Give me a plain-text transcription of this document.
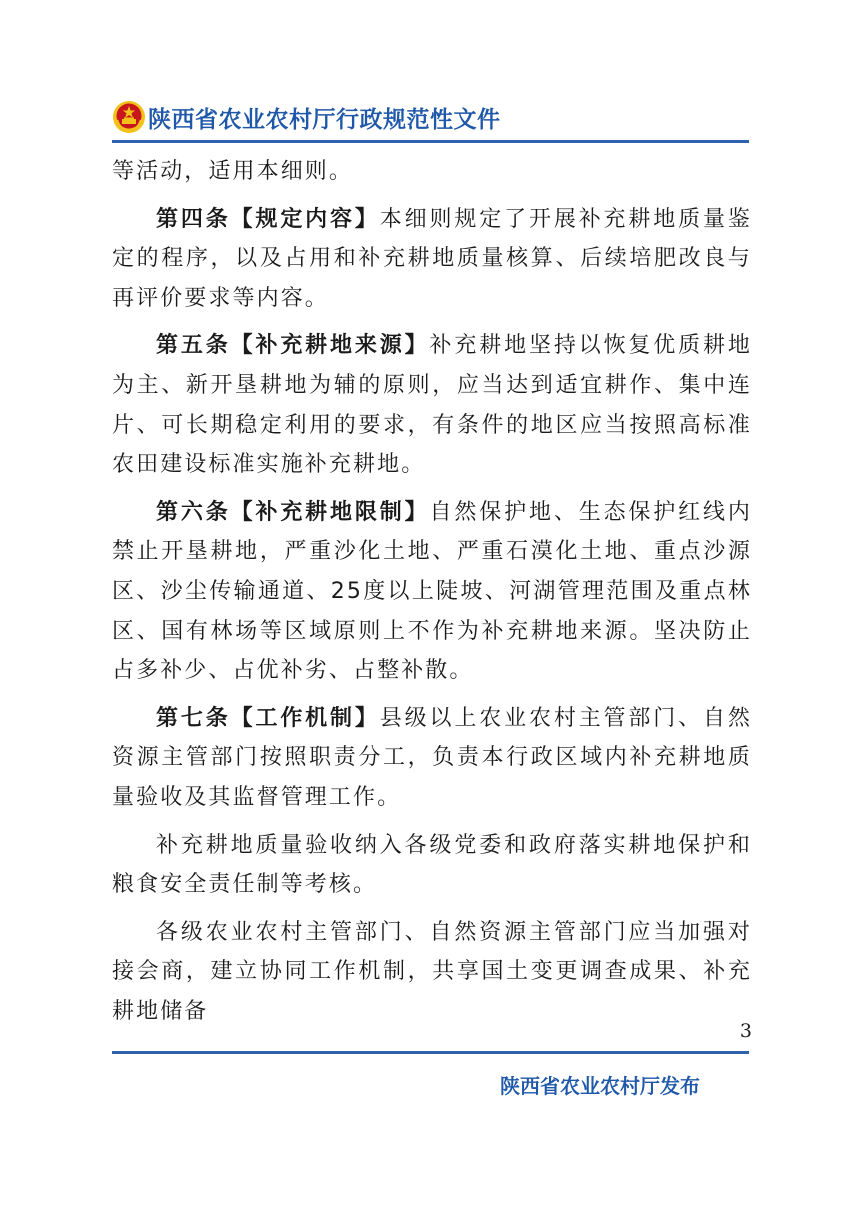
陕西省农业农村厅行政规范性文件

等活动，适用本细则。

第四条【规定内容】本细则规定了开展补充耕地质量鉴定的程序，以及占用和补充耕地质量核算、后续培肥改良与再评价要求等内容。

第五条【补充耕地来源】补充耕地坚持以恢复优质耕地为主、新开垦耕地为辅的原则，应当达到适宜耕作、集中连片、可长期稳定利用的要求，有条件的地区应当按照高标准农田建设标准实施补充耕地。

第六条【补充耕地限制】自然保护地、生态保护红线内禁止开垦耕地，严重沙化土地、严重石漠化土地、重点沙源区、沙尘传输通道、25度以上陡坡、河湖管理范围及重点林区、国有林场等区域原则上不作为补充耕地来源。坚决防止占多补少、占优补劣、占整补散。

第七条【工作机制】县级以上农业农村主管部门、自然资源主管部门按照职责分工，负责本行政区域内补充耕地质量验收及其监督管理工作。

补充耕地质量验收纳入各级党委和政府落实耕地保护和粮食安全责任制等考核。

各级农业农村主管部门、自然资源主管部门应当加强对接会商，建立协同工作机制，共享国土变更调查成果、补充耕地储备

3
陕西省农业农村厅发布
